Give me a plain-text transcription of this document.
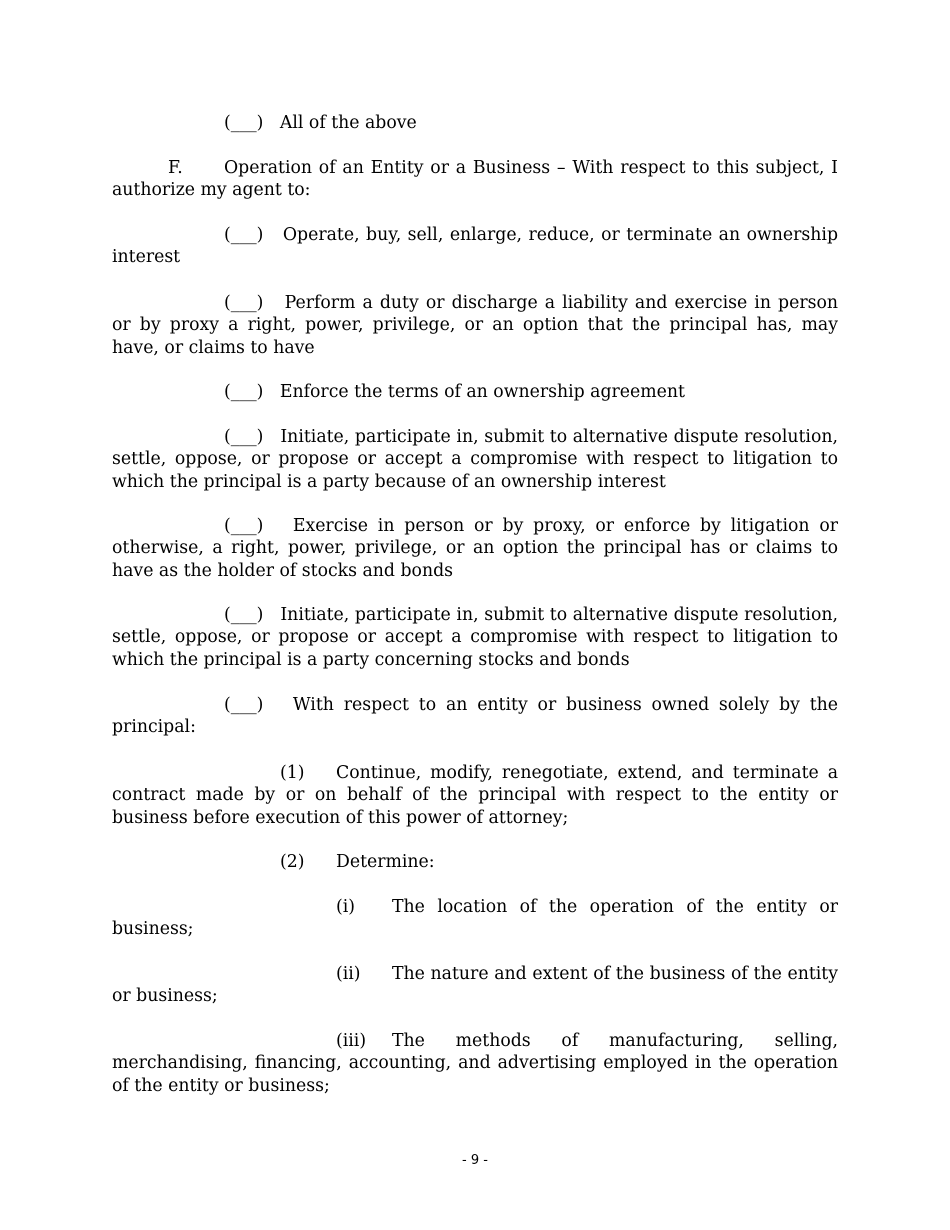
(___) All of the above
F. Operation of an Entity or a Business – With respect to this subject, I authorize my agent to:
(___) Operate, buy, sell, enlarge, reduce, or terminate an ownership interest
(___) Perform a duty or discharge a liability and exercise in person or by proxy a right, power, privilege, or an option that the principal has, may have, or claims to have
(___) Enforce the terms of an ownership agreement
(___) Initiate, participate in, submit to alternative dispute resolution, settle, oppose, or propose or accept a compromise with respect to litigation to which the principal is a party because of an ownership interest
(___) Exercise in person or by proxy, or enforce by litigation or otherwise, a right, power, privilege, or an option the principal has or claims to have as the holder of stocks and bonds
(___) Initiate, participate in, submit to alternative dispute resolution, settle, oppose, or propose or accept a compromise with respect to litigation to which the principal is a party concerning stocks and bonds
(___) With respect to an entity or business owned solely by the principal:
(1) Continue, modify, renegotiate, extend, and terminate a contract made by or on behalf of the principal with respect to the entity or business before execution of this power of attorney;
(2) Determine:
(i) The location of the operation of the entity or business;
(ii) The nature and extent of the business of the entity or business;
(iii) The methods of manufacturing, selling, merchandising, financing, accounting, and advertising employed in the operation of the entity or business;
- 9 -
